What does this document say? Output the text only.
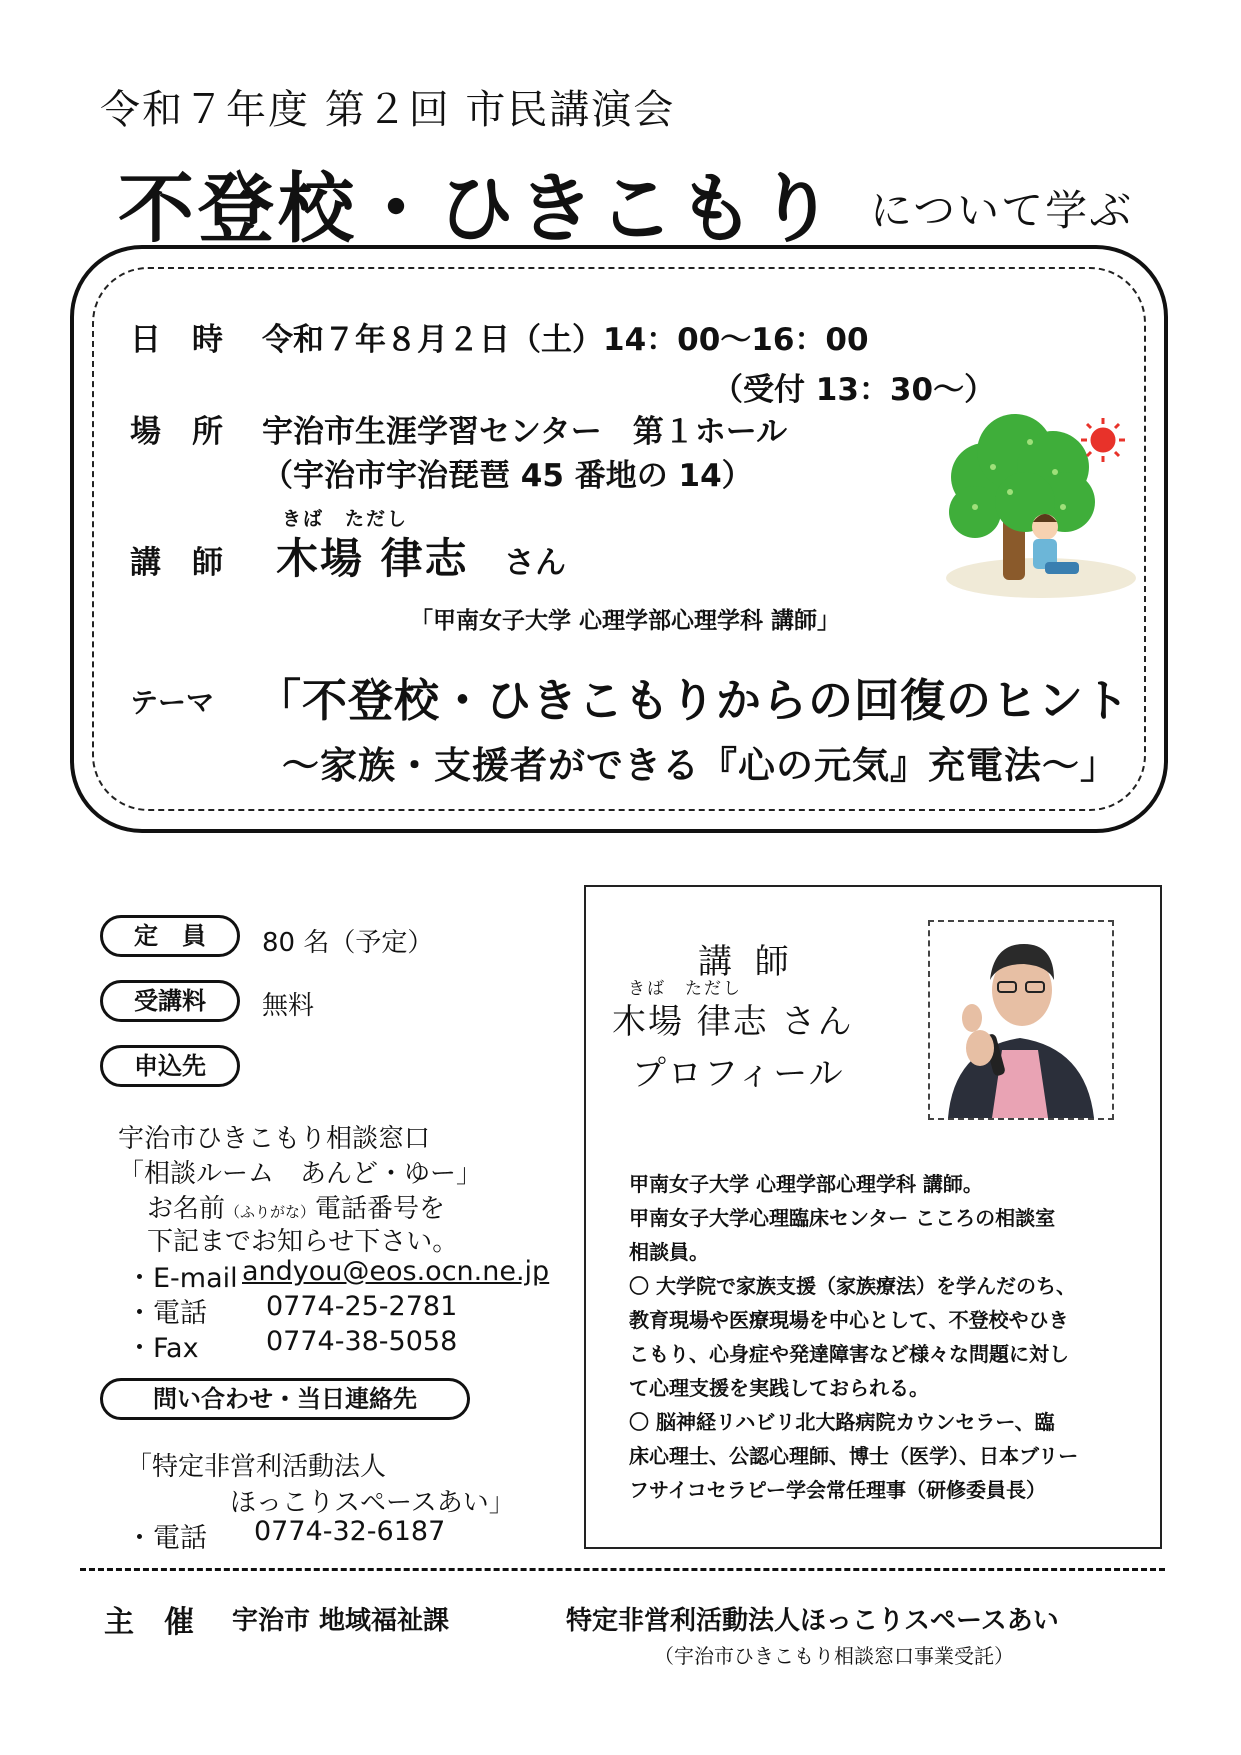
令和７年度 第２回 市民講演会
不登校・ひきこもり について学ぶ
日　時 令和７年８月２日（土）14：00〜16：00
（受付 13：30〜）
場　所 宇治市生涯学習センター　第１ホール
（宇治市宇治琵琶 45 番地の 14）
講　師
きば　ただし
木場 律志 さん
「甲南女子大学 心理学部心理学科 講師」
テーマ 「不登校・ひきこもりからの回復のヒント
〜家族・支援者ができる『心の元気』充電法〜」
定　員	80 名（予定）
受講料	無料
申込先
宇治市ひきこもり相談窓口
「相談ルーム　あんど・ゆー」
お名前（ふりがな）電話番号を
下記までお知らせ下さい。
・E-mail andyou@eos.ocn.ne.jp
・電話 0774-25-2781
・Fax 0774-38-5058
問い合わせ・当日連絡先
「特定非営利活動法人
ほっこりスペースあい」
・電話 0774-32-6187
講 師
きば　ただし
木場 律志 さん
プロフィール
甲南女子大学 心理学部心理学科 講師。
甲南女子大学心理臨床センター こころの相談室
相談員。
〇 大学院で家族支援（家族療法）を学んだのち、
教育現場や医療現場を中心として、不登校やひき
こもり、心身症や発達障害など様々な問題に対し
て心理支援を実践しておられる。
〇 脳神経リハビリ北大路病院カウンセラー、臨
床心理士、公認心理師、博士（医学）、日本ブリー
フサイコセラピー学会常任理事（研修委員長）
主　催 宇治市 地域福祉課	特定非営利活動法人ほっこりスペースあい
（宇治市ひきこもり相談窓口事業受託）
